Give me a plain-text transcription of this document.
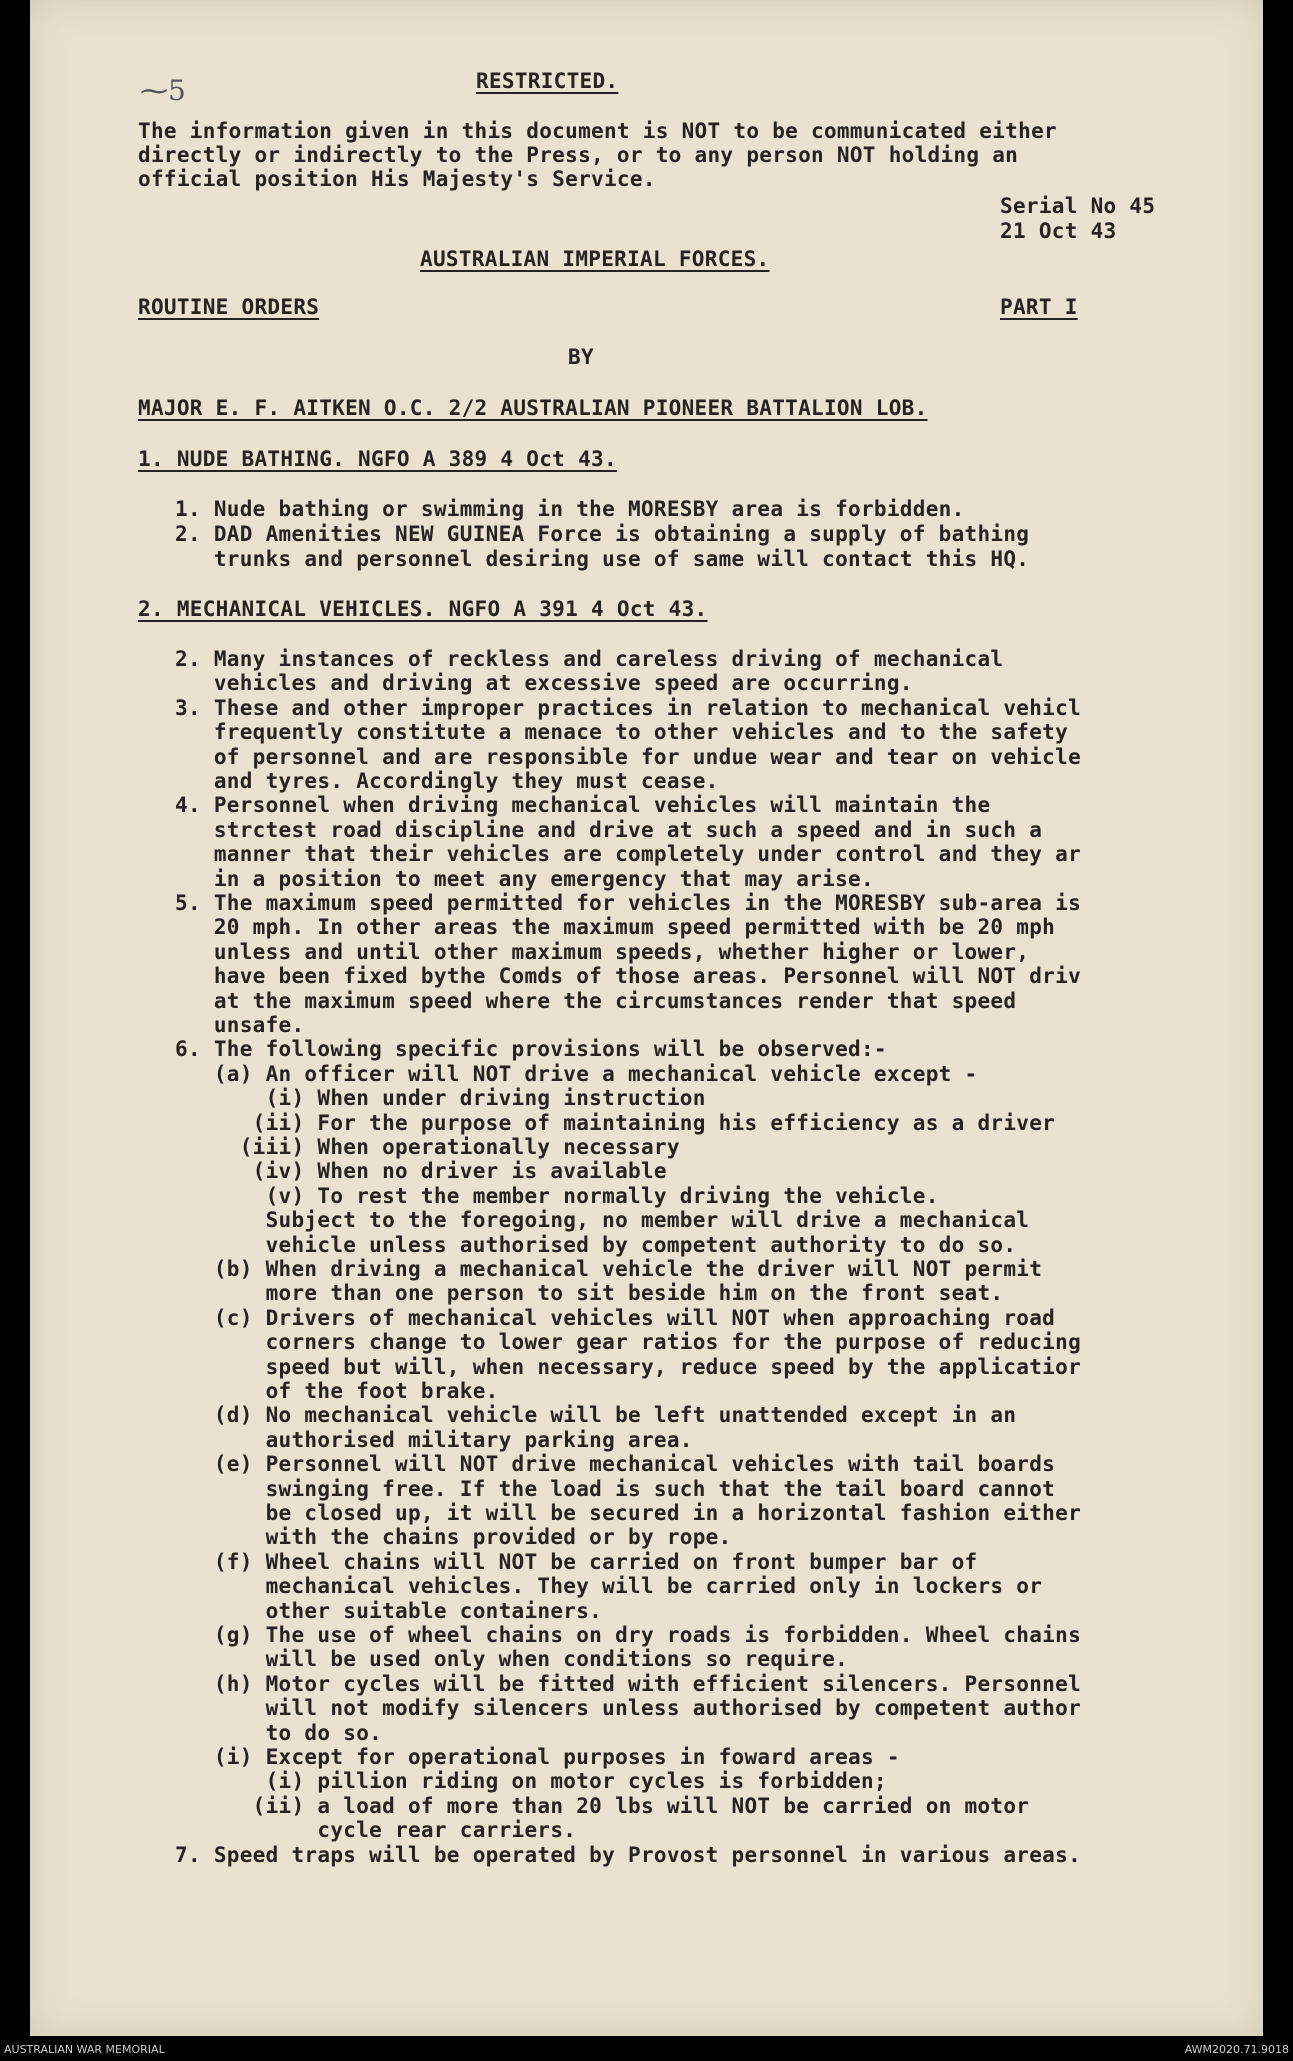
⁓5	RESTRICTED.
The information given in this document is NOT to be communicated either
directly or indirectly to the Press, or to any person NOT holding an
official position His Majesty's Service.
Serial No 45
21 Oct 43
AUSTRALIAN IMPERIAL FORCES.
ROUTINE ORDERS	PART I
BY
MAJOR E. F. AITKEN O.C. 2/2 AUSTRALIAN PIONEER BATTALION LOB.
1. NUDE BATHING. NGFO A 389 4 Oct 43.
1. Nude bathing or swimming in the MORESBY area is forbidden.
2. DAD Amenities NEW GUINEA Force is obtaining a supply of bathing
trunks and personnel desiring use of same will contact this HQ.
2. MECHANICAL VEHICLES. NGFO A 391 4 Oct 43.
2. Many instances of reckless and careless driving of mechanical
vehicles and driving at excessive speed are occurring.
3. These and other improper practices in relation to mechanical vehicl
frequently constitute a menace to other vehicles and to the safety
of personnel and are responsible for undue wear and tear on vehicle
and tyres. Accordingly they must cease.
4. Personnel when driving mechanical vehicles will maintain the
strctest road discipline and drive at such a speed and in such a
manner that their vehicles are completely under control and they ar
in a position to meet any emergency that may arise.
5. The maximum speed permitted for vehicles in the MORESBY sub-area is
20 mph. In other areas the maximum speed permitted with be 20 mph
unless and until other maximum speeds, whether higher or lower,
have been fixed bythe Comds of those areas. Personnel will NOT driv
at the maximum speed where the circumstances render that speed
unsafe.
6. The following specific provisions will be observed:-
(a) An officer will NOT drive a mechanical vehicle except -
(i) When under driving instruction
(ii) For the purpose of maintaining his efficiency as a driver
(iii) When operationally necessary
(iv) When no driver is available
(v) To rest the member normally driving the vehicle.
Subject to the foregoing, no member will drive a mechanical
vehicle unless authorised by competent authority to do so.
(b) When driving a mechanical vehicle the driver will NOT permit
more than one person to sit beside him on the front seat.
(c) Drivers of mechanical vehicles will NOT when approaching road
corners change to lower gear ratios for the purpose of reducing
speed but will, when necessary, reduce speed by the applicatior
of the foot brake.
(d) No mechanical vehicle will be left unattended except in an
authorised military parking area.
(e) Personnel will NOT drive mechanical vehicles with tail boards
swinging free. If the load is such that the tail board cannot
be closed up, it will be secured in a horizontal fashion either
with the chains provided or by rope.
(f) Wheel chains will NOT be carried on front bumper bar of
mechanical vehicles. They will be carried only in lockers or
other suitable containers.
(g) The use of wheel chains on dry roads is forbidden. Wheel chains
will be used only when conditions so require.
(h) Motor cycles will be fitted with efficient silencers. Personnel
will not modify silencers unless authorised by competent author
to do so.
(i) Except for operational purposes in foward areas -
(i) pillion riding on motor cycles is forbidden;
(ii) a load of more than 20 lbs will NOT be carried on motor
cycle rear carriers.
7. Speed traps will be operated by Provost personnel in various areas.
AUSTRALIAN WAR MEMORIAL	AWM2020.71.9018
